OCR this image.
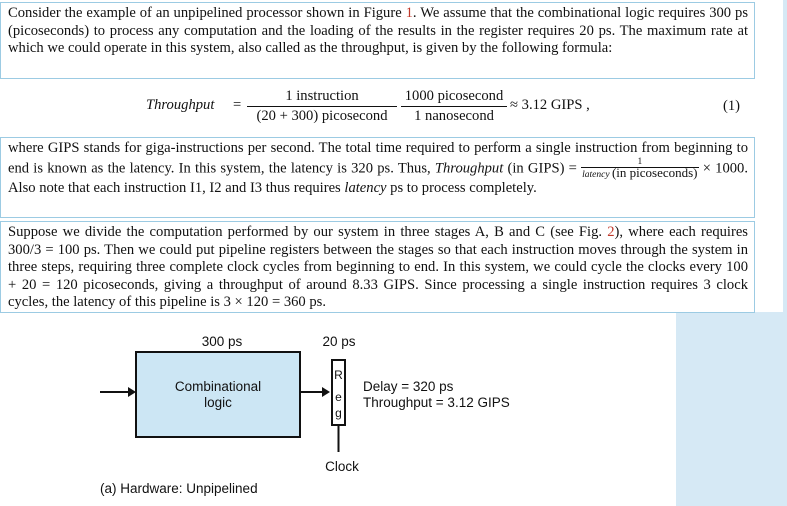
Consider the example of an unpipelined processor shown in Figure 1. We assume that the combinational logic requires 300 ps (picoseconds) to process any computation and the loading of the results in the register requires 20 ps. The maximum rate at which we could operate in this system, also called as the throughput, is given by the following formula:

Throughput =
1 instruction
(20 + 300) picosecond
1000 picosecond
1 nanosecond
≈ 3.12 GIPS ,	(1)

where GIPS stands for giga-instructions per second. The total time required to perform a single instruction from beginning to end is known as the latency. In this system, the latency is 320 ps. Thus, Throughput (in GIPS) =	1
latency (in picoseconds) × 1000. Also note that each instruction I1, I2 and I3 thus requires latency ps to process completely.

Suppose we divide the computation performed by our system in three stages A, B and C (see Fig. 2), where each requires 300/3 = 100 ps. Then we could put pipeline registers between the stages so that each instruction moves through the system in three steps, requiring three complete clock cycles from beginning to end. In this system, we could cycle the clocks every 100 + 20 = 120 picoseconds, giving a throughput of around 8.33 GIPS. Since processing a single instruction requires 3 clock cycles, the latency of this pipeline is 3 × 120 = 360 ps.

300 ps	20 ps
Combinational
logic
R
e
g
Clock
Delay = 320 ps
Throughput = 3.12 GIPS
(a) Hardware: Unpipelined
